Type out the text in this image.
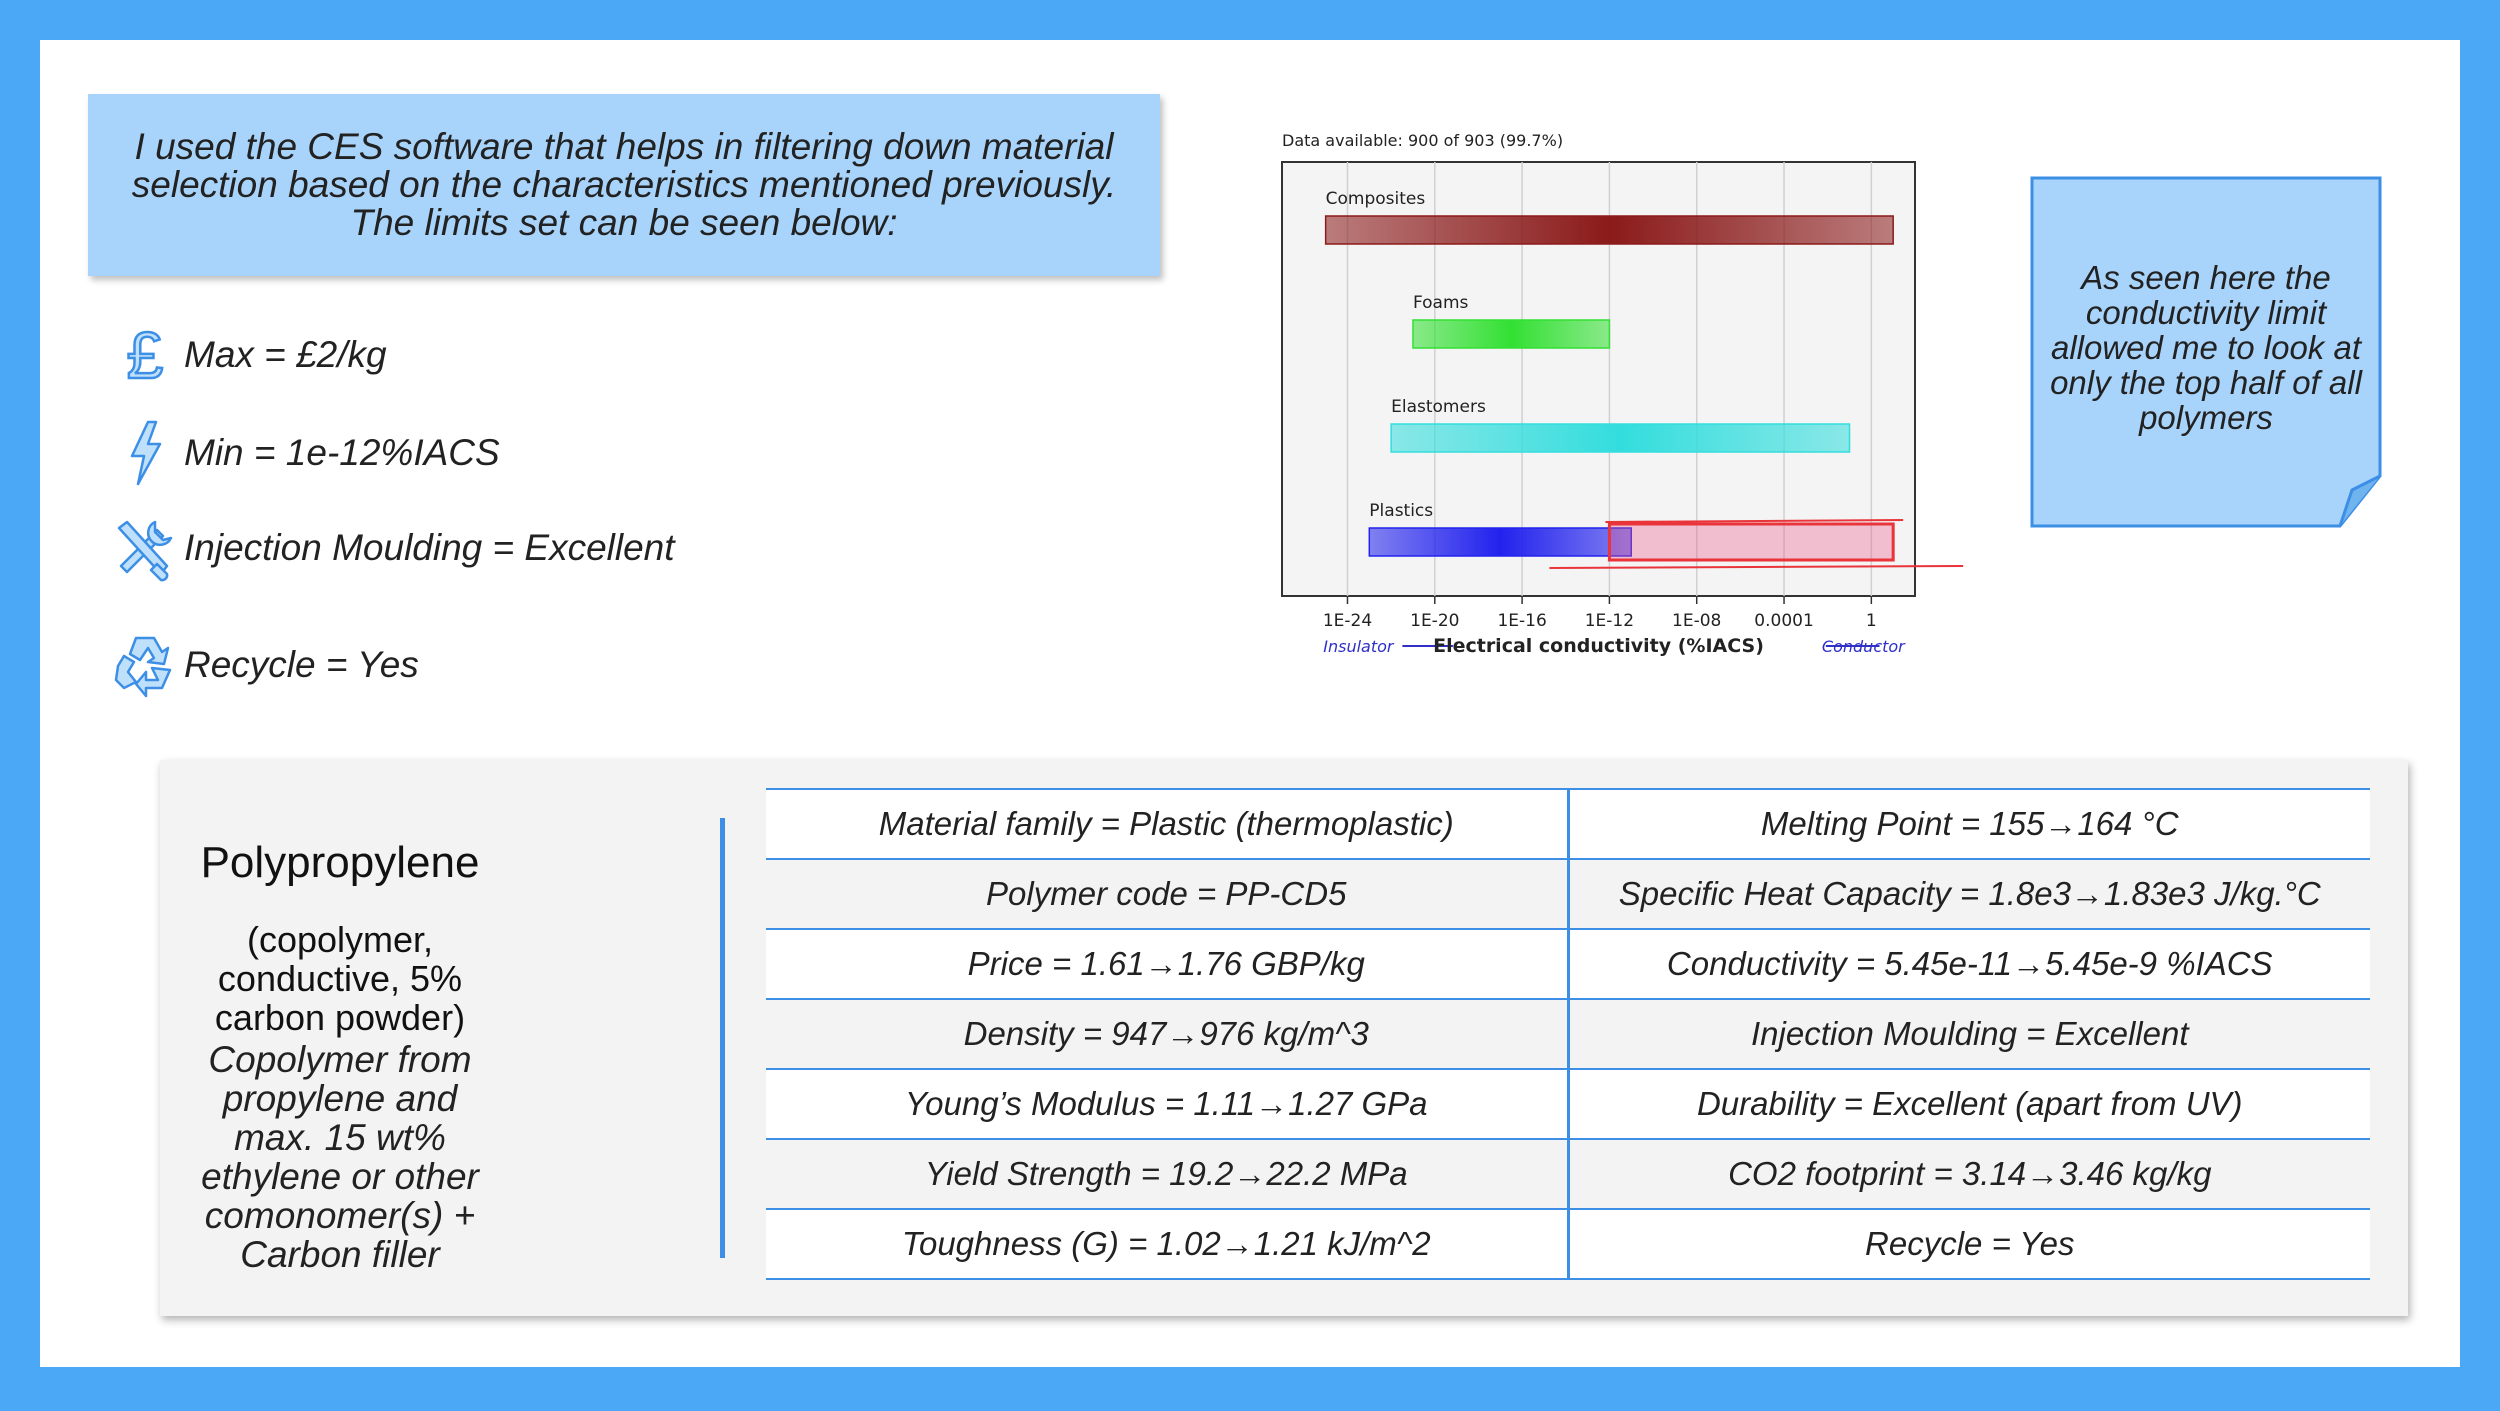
I used the CES software that helps in filtering down material selection based on the characteristics mentioned previously. The limits set can be seen below:
£ Max = £2/kg
Min = 1e-12%IACS
Injection Moulding = Excellent
Recycle = Yes
Data available: 900 of 903 (99.7%)
1E-24 1E-20 1E-16 1E-12 1E-08 0.0001	1
Composites
Foams
Elastomers
Plastics
Insulator Electrical conductivity (%IACS)	Conductor
As seen here the conductivity limit allowed me to look at only the top half of all polymers
Polypropylene
(copolymer, conductive, 5% carbon powder)
Copolymer from propylene and max. 15 wt% ethylene or other comonomer(s) + Carbon filler
Material family = Plastic (thermoplastic)	Melting Point = 155→164 °C
Polymer code = PP-CD5	Specific Heat Capacity = 1.8e3→1.83e3 J/kg.°C
Price = 1.61→1.76 GBP/kg	Conductivity = 5.45e-11→5.45e-9 %IACS
Density = 947→976 kg/m^3	Injection Moulding = Excellent
Young’s Modulus = 1.11→1.27 GPa	Durability = Excellent (apart from UV)
Yield Strength = 19.2→22.2 MPa	CO2 footprint = 3.14→3.46 kg/kg
Toughness (G) = 1.02→1.21 kJ/m^2	Recycle = Yes
